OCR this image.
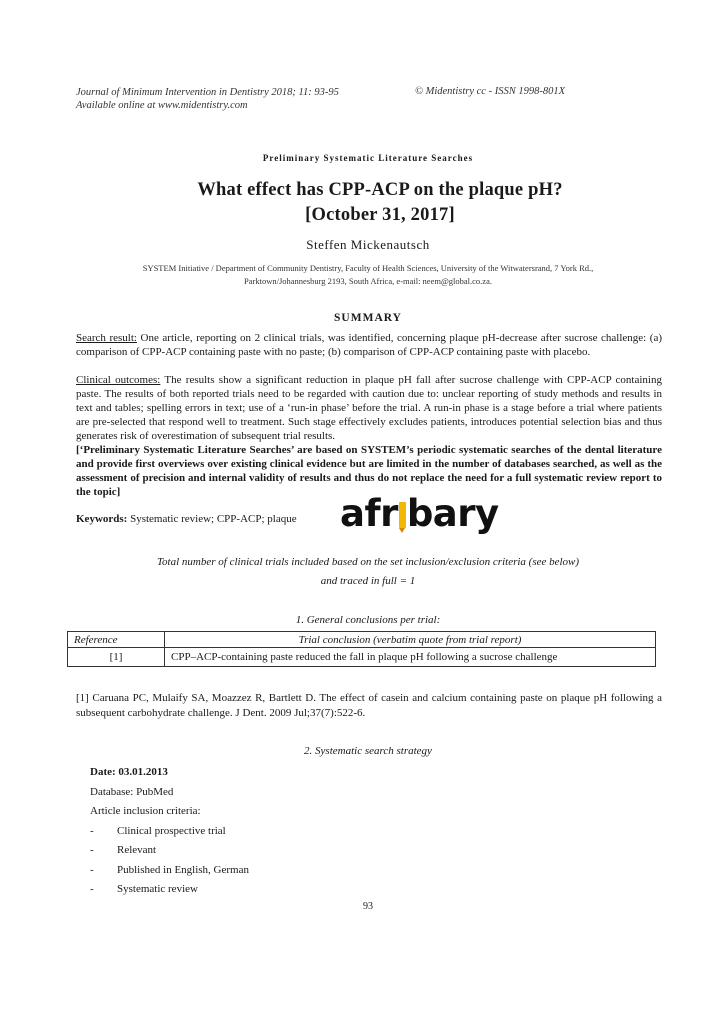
Journal of Minimum Intervention in Dentistry 2018; 11: 93-95
Available online at www.midentistry.com
© Midentistry cc - ISSN 1998-801X
Preliminary Systematic Literature Searches
What effect has CPP-ACP on the plaque pH?
[October 31, 2017]
Steffen Mickenautsch
SYSTEM Initiative / Department of Community Dentistry, Faculty of Health Sciences, University of the Witwatersrand, 7 York Rd.,
Parktown/Johannesburg 2193, South Africa, e-mail: neem@global.co.za.
SUMMARY
Search result: One article, reporting on 2 clinical trials, was identified, concerning plaque pH-decrease after sucrose challenge: (a) comparison of CPP-ACP containing paste with no paste; (b) comparison of CPP-ACP containing paste with placebo.
Clinical outcomes: The results show a significant reduction in plaque pH fall after sucrose challenge with CPP-ACP containing paste. The results of both reported trials need to be regarded with caution due to: unclear reporting of study methods and results in text and tables; spelling errors in text; use of a ‘run-in phase’ before the trial. A run-in phase is a stage before a trial where patients are pre-selected that respond well to treatment. Such stage effectively excludes patients, introduces potential selection bias and thus generates risk of overestimation of subsequent trial results.
[‘Preliminary Systematic Literature Searches’ are based on SYSTEM’s periodic systematic searches of the dental literature and provide first overviews over existing clinical evidence but are limited in the number of databases searched, as well as the assessment of precision and internal validity of results and thus do not replace the need for a full systematic review report to the topic]
Keywords: Systematic review; CPP-ACP; plaque afr bary
Total number of clinical trials included based on the set inclusion/exclusion criteria (see below)
and traced in full = 1
1. General conclusions per trial:
Reference	Trial conclusion (verbatim quote from trial report)
[1]	CPP–ACP-containing paste reduced the fall in plaque pH following a sucrose challenge
[1] Caruana PC, Mulaify SA, Moazzez R, Bartlett D. The effect of casein and calcium containing paste on plaque pH following a subsequent carbohydrate challenge. J Dent. 2009 Jul;37(7):522-6.
2. Systematic search strategy
Date: 03.01.2013
Database: PubMed
Article inclusion criteria:
- Clinical prospective trial
- Relevant
- Published in English, German
- Systematic review
93
